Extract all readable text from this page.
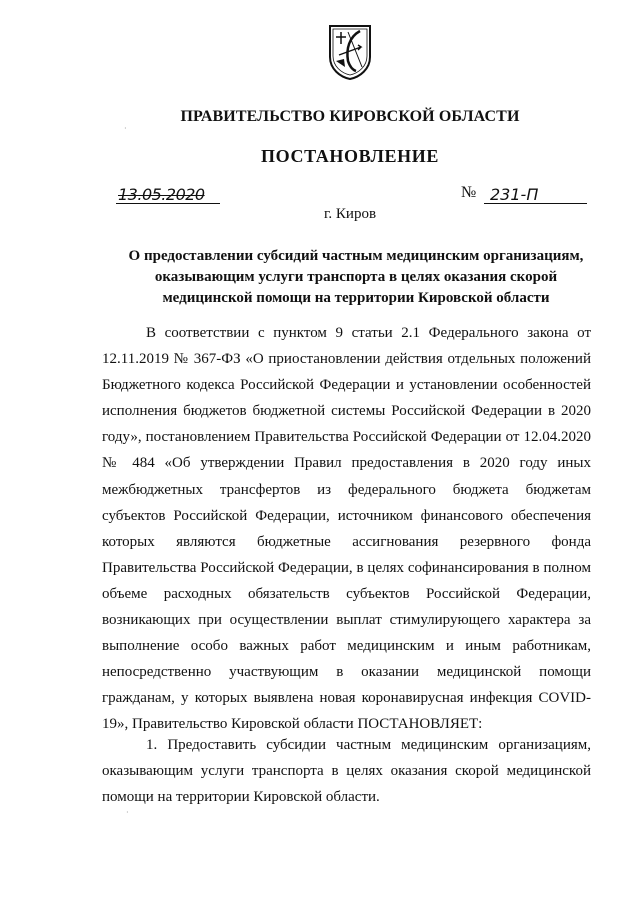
ПРАВИТЕЛЬСТВО КИРОВСКОЙ ОБЛАСТИ
ПОСТАНОВЛЕНИЕ
13.05.2020	№ 231-П
г. Киров
О предоставлении субсидий частным медицинским организациям, оказывающим услуги транспорта в целях оказания скорой медицинской помощи на территории Кировской области

В соответствии с пунктом 9 статьи 2.1 Федерального закона от 12.11.2019 № 367-ФЗ «О приостановлении действия отдельных положений Бюджетного кодекса Российской Федерации и установлении особенностей исполнения бюджетов бюджетной системы Российской Федерации в 2020 году», постановлением Правительства Российской Федерации от 12.04.2020 № 484 «Об утверждении Правил предоставления в 2020 году иных межбюджетных трансфертов из федерального бюджета бюджетам субъектов Российской Федерации, источником финансового обеспечения которых являются бюджетные ассигнования резервного фонда Правительства Российской Федерации, в целях софинансирования в полном объеме расходных обязательств субъектов Российской Федерации, возникающих при осуществлении выплат стимулирующего характера за выполнение особо важных работ медицинским и иным работникам, непосредственно участвующим в оказании медицинской помощи гражданам, у которых выявлена новая коронавирусная инфекция COVID-19», Правительство Кировской области ПОСТАНОВЛЯЕТ:

1. Предоставить субсидии частным медицинским организациям, оказывающим услуги транспорта в целях оказания скорой медицинской помощи на территории Кировской области.

·
·
